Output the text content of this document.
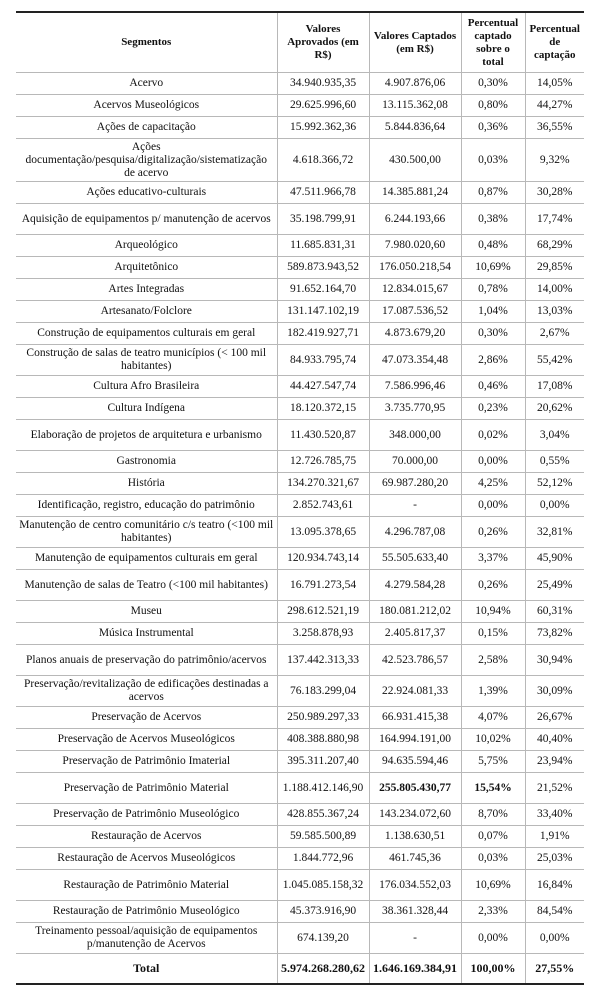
Segmentos	Valores Aprovados (em R$)	Valores Captados (em R$)	Percentual captado sobre o total	Percentual de captação
Acervo	34.940.935,35	4.907.876,06	0,30%	14,05%
Acervos Museológicos	29.625.996,60	13.115.362,08	0,80%	44,27%
Ações de capacitação	15.992.362,36	5.844.836,64	0,36%	36,55%
Ações documentação/pesquisa/digitalização/sistematização de acervo	4.618.366,72	430.500,00	0,03%	9,32%
Ações educativo-culturais	47.511.966,78	14.385.881,24	0,87%	30,28%
Aquisição de equipamentos p/ manutenção de acervos	35.198.799,91	6.244.193,66	0,38%	17,74%
Arqueológico	11.685.831,31	7.980.020,60	0,48%	68,29%
Arquitetônico	589.873.943,52	176.050.218,54	10,69%	29,85%
Artes Integradas	91.652.164,70	12.834.015,67	0,78%	14,00%
Artesanato/Folclore	131.147.102,19	17.087.536,52	1,04%	13,03%
Construção de equipamentos culturais em geral	182.419.927,71	4.873.679,20	0,30%	2,67%
Construção de salas de teatro municípios (< 100 mil habitantes)	84.933.795,74	47.073.354,48	2,86%	55,42%
Cultura Afro Brasileira	44.427.547,74	7.586.996,46	0,46%	17,08%
Cultura Indígena	18.120.372,15	3.735.770,95	0,23%	20,62%
Elaboração de projetos de arquitetura e urbanismo	11.430.520,87	348.000,00	0,02%	3,04%
Gastronomia	12.726.785,75	70.000,00	0,00%	0,55%
História	134.270.321,67	69.987.280,20	4,25%	52,12%
Identificação, registro, educação do patrimônio	2.852.743,61	-	0,00%	0,00%
Manutenção de centro comunitário c/s teatro (<100 mil habitantes)	13.095.378,65	4.296.787,08	0,26%	32,81%
Manutenção de equipamentos culturais em geral	120.934.743,14	55.505.633,40	3,37%	45,90%
Manutenção de salas de Teatro (<100 mil habitantes)	16.791.273,54	4.279.584,28	0,26%	25,49%
Museu	298.612.521,19	180.081.212,02	10,94%	60,31%
Música Instrumental	3.258.878,93	2.405.817,37	0,15%	73,82%
Planos anuais de preservação do patrimônio/acervos	137.442.313,33	42.523.786,57	2,58%	30,94%
Preservação/revitalização de edificações destinadas a acervos	76.183.299,04	22.924.081,33	1,39%	30,09%
Preservação de Acervos	250.989.297,33	66.931.415,38	4,07%	26,67%
Preservação de Acervos Museológicos	408.388.880,98	164.994.191,00	10,02%	40,40%
Preservação de Patrimônio Imaterial	395.311.207,40	94.635.594,46	5,75%	23,94%
Preservação de Patrimônio Material	1.188.412.146,90	255.805.430,77	15,54%	21,52%
Preservação de Patrimônio Museológico	428.855.367,24	143.234.072,60	8,70%	33,40%
Restauração de Acervos	59.585.500,89	1.138.630,51	0,07%	1,91%
Restauração de Acervos Museológicos	1.844.772,96	461.745,36	0,03%	25,03%
Restauração de Patrimônio Material	1.045.085.158,32	176.034.552,03	10,69%	16,84%
Restauração de Patrimônio Museológico	45.373.916,90	38.361.328,44	2,33%	84,54%
Treinamento pessoal/aquisição de equipamentos p/manutenção de Acervos	674.139,20	-	0,00%	0,00%
Total	5.974.268.280,62	1.646.169.384,91	100,00%	27,55%
